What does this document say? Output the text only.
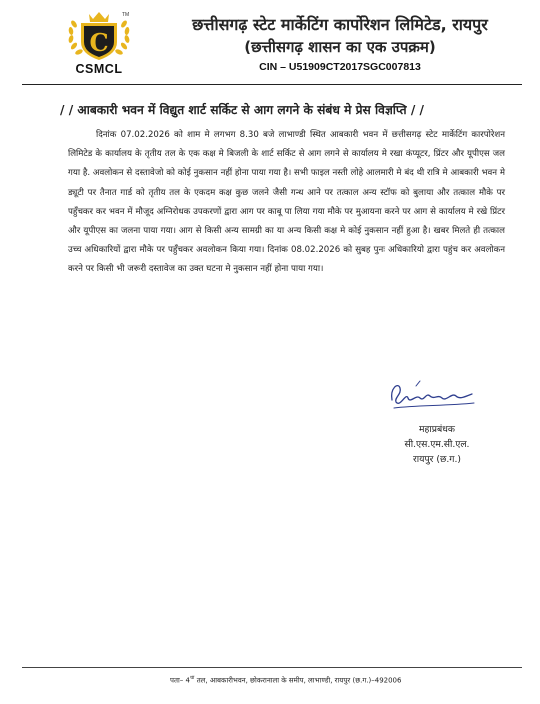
C
TM
CSMCL
छत्तीसगढ़ स्टेट मार्केटिंग कार्पोरेशन लिमिटेड, रायपुर
(छत्तीसगढ़ शासन का एक उपक्रम)
CIN – U51909CT2017SGC007813
/ / आबकारी भवन में विद्युत शार्ट सर्किट से आग लगने के संबंध मे प्रेस विज्ञप्ति / /

दिनांक 07.02.2026 को शाम मे लगभग 8.30 बजे लाभाण्डी स्थित आबकारी भवन में छत्तीसगढ़ स्टेट मार्केटिंग कारपोरेशन लिमिटेड के कार्यालय के तृतीय तल के एक कक्ष मे बिजली के शार्ट सर्किट से आग लगने से कार्यालय मे रखा कंप्यूटर, प्रिंटर और यूपीएस जल गया है. अवलोकन से दस्तावेजो को कोई नुकसान नहीं होना पाया गया है। सभी फाइल नस्ती लोहे आलमारी मे बंद थी रात्रि मे आबकारी भवन मे ड्यूटी पर तैनात गार्ड को तृतीय तल के एकदम कक्ष कुछ जलने जैसी गन्ध आने पर तत्काल अन्य स्टॉफ को बुलाया और तत्काल मौके पर पहुँचकर कर भवन में मौजूद अग्निरोधक उपकरणों द्वारा आग पर काबू पा लिया गया मौके पर मुआयना करने पर आग से कार्यालय मे रखे प्रिंटर और यूपीएस का जलना पाया गया। आग से किसी अन्य सामग्री का या अन्य किसी कक्ष मे कोई नुकसान नहीं हुआ है। खबर मिलते ही तत्काल उच्च अधिकारियों द्वारा मौके पर पहुँचकर अवलोकन किया गया। दिनांक 08.02.2026 को सुबह पुनः अधिकारियो द्वारा पहुंच कर अवलोकन करने पर किसी भी जरूरी दस्तावेज का उक्त घटना मे नुकसान नहीं होना पाया गया।

महाप्रबंधक
सी.एस.एम.सी.एल.
रायपुर (छ.ग.)
पता– $4^{था}$ तल, आबकारीभवन, छोकरानाला के समीप, लाभाण्डी, रायपुर (छ.ग.)–492006
